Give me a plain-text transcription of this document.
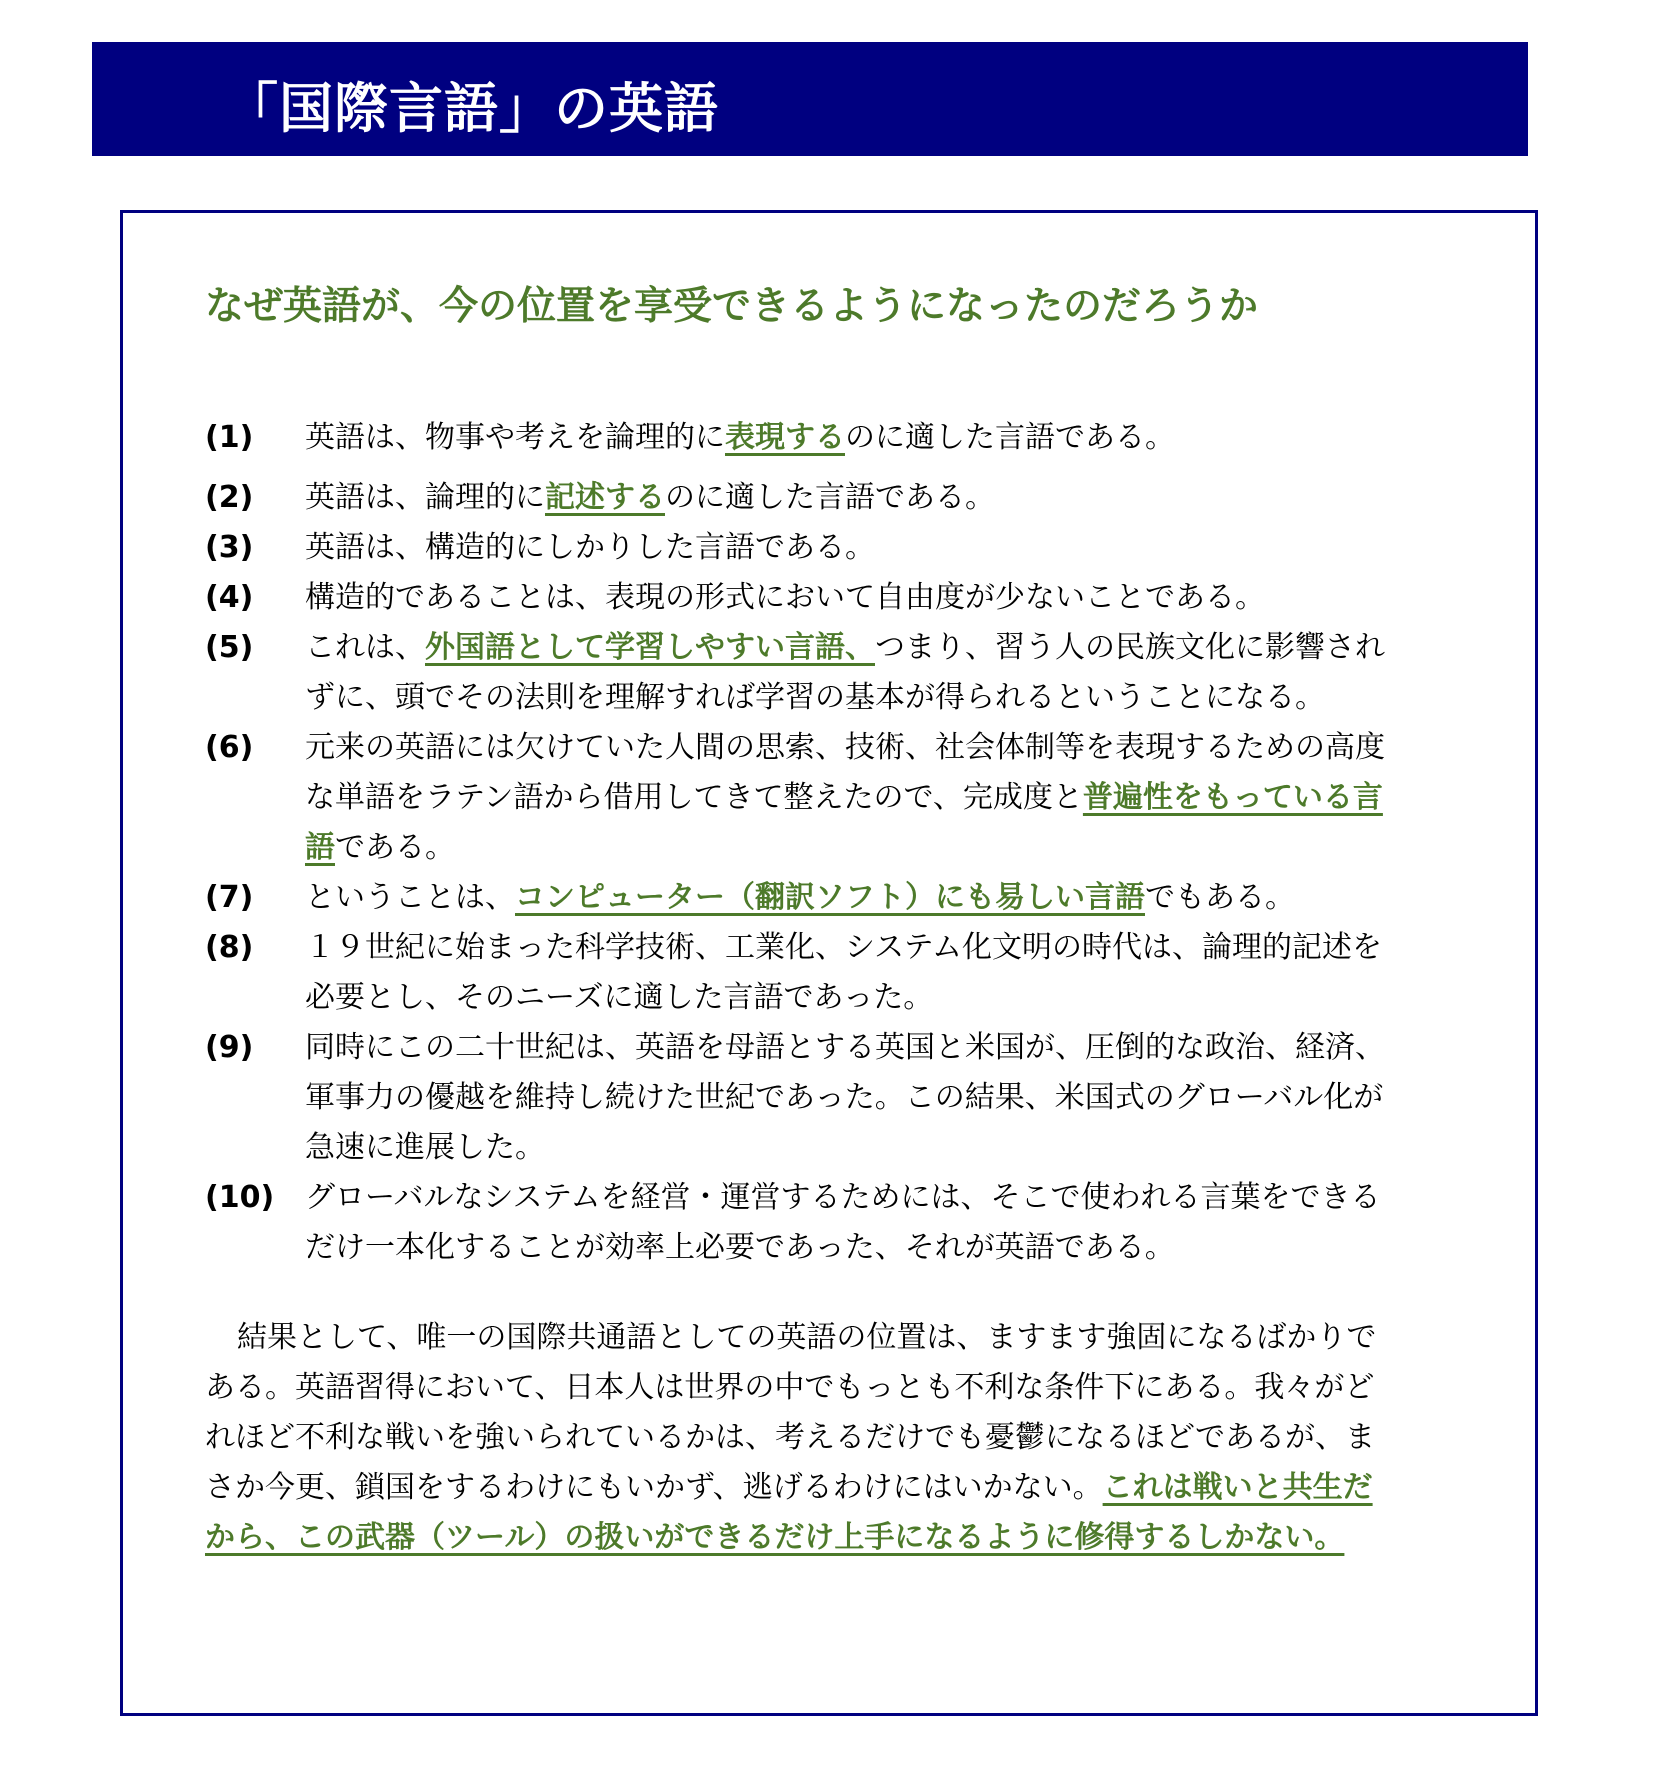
「国際言語」の英語
なぜ英語が、今の位置を享受できるようになったのだろうか
(1) 英語は、物事や考えを論理的に表現するのに適した言語である。
(2) 英語は、論理的に記述するのに適した言語である。
(3) 英語は、構造的にしかりした言語である。
(4) 構造的であることは、表現の形式において自由度が少ないことである。
(5) これは、外国語として学習しやすい言語、つまり、習う人の民族文化に影響されずに、頭でその法則を理解すれば学習の基本が得られるということになる。
(6) 元来の英語には欠けていた人間の思索、技術、社会体制等を表現するための高度な単語をラテン語から借用してきて整えたので、完成度と普遍性をもっている言語である。
(7) ということは、コンピューター（翻訳ソフト）にも易しい言語でもある。
(8) １９世紀に始まった科学技術、工業化、システム化文明の時代は、論理的記述を必要とし、そのニーズに適した言語であった。
(9) 同時にこの二十世紀は、英語を母語とする英国と米国が、圧倒的な政治、経済、軍事力の優越を維持し続けた世紀であった。この結果、米国式のグローバル化が急速に進展した。
(10) グローバルなシステムを経営・運営するためには、そこで使われる言葉をできるだけ一本化することが効率上必要であった、それが英語である。
結果として、唯一の国際共通語としての英語の位置は、ますます強固になるばかりである。英語習得において、日本人は世界の中でもっとも不利な条件下にある。我々がどれほど不利な戦いを強いられているかは、考えるだけでも憂鬱になるほどであるが、まさか今更、鎖国をするわけにもいかず、逃げるわけにはいかない。これは戦いと共生だから、この武器（ツール）の扱いができるだけ上手になるように修得するしかない。
